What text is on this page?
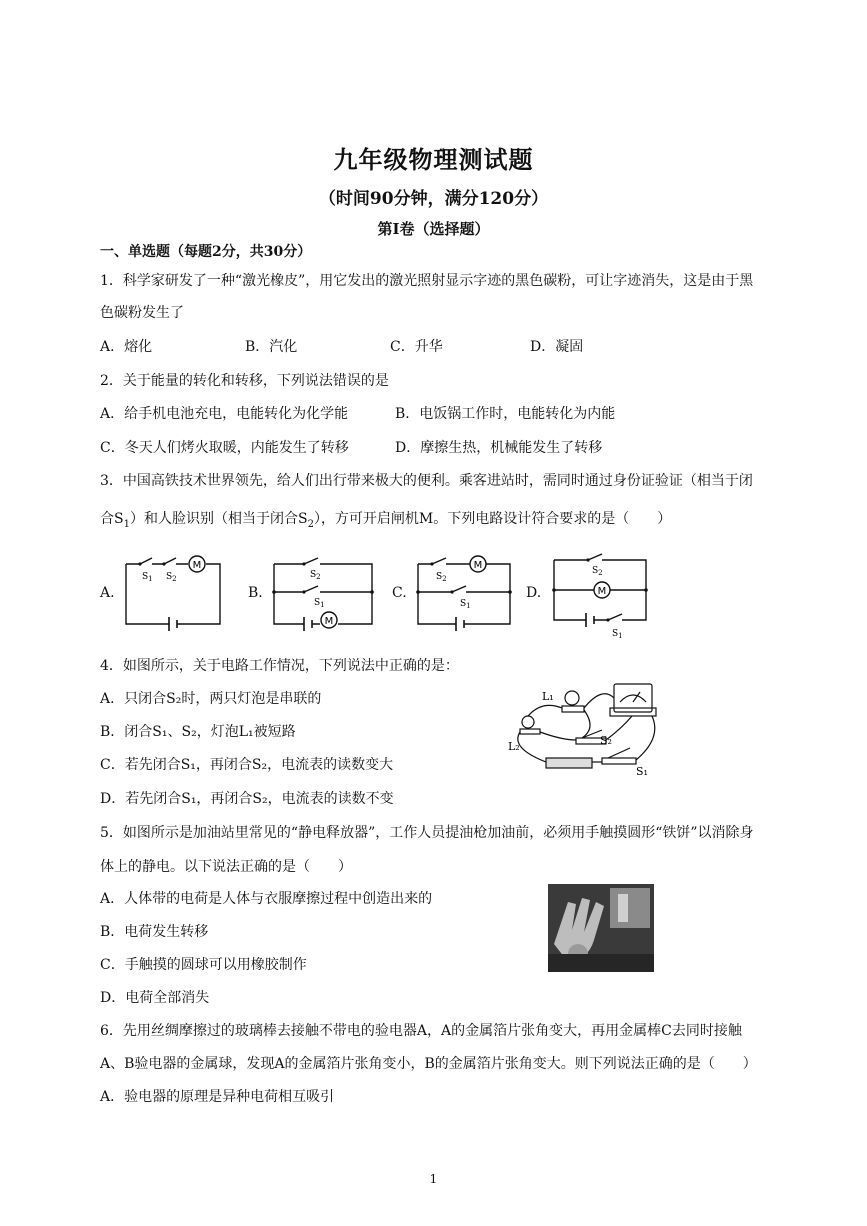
九年级物理测试题
（时间90分钟，满分120分）
第Ⅰ卷（选择题）
一、单选题（每题2分，共30分）
1．科学家研发了一种“激光橡皮”，用它发出的激光照射显示字迹的黑色碳粉，可让字迹消失，这是由于黑
色碳粉发生了
A．熔化	B．汽化	C．升华	D．凝固
2．关于能量的转化和转移，下列说法错误的是
A．给手机电池充电，电能转化为化学能	B．电饭锅工作时，电能转化为内能
C．冬天人们烤火取暖，内能发生了转移	D．摩擦生热，机械能发生了转移
3．中国高铁技术世界领先，给人们出行带来极大的便利。乘客进站时，需同时通过身份证验证（相当于闭
合$S_1$）和人脸识别（相当于闭合$S_2$），方可开启闸机M。下列电路设计符合要求的是（　　）
A.	B.	C.	D.
M
$S_1$ $S_2$
M
$S_2$
$S_1$
M
$S_2$
$S_1$
M
$S_2$
$S_1$
4．如图所示，关于电路工作情况，下列说法中正确的是：
A．只闭合S₂时，两只灯泡是串联的
B．闭合S₁、S₂，灯泡L₁被短路
C．若先闭合S₁，再闭合S₂，电流表的读数变大
D．若先闭合S₁，再闭合S₂，电流表的读数不变
L₁
L₂	S₂
S₁
5．如图所示是加油站里常见的“静电释放器”，工作人员提油枪加油前，必须用手触摸圆形“铁饼”以消除身
体上的静电。以下说法正确的是（　　）
A．人体带的电荷是人体与衣服摩擦过程中创造出来的
B．电荷发生转移
C．手触摸的圆球可以用橡胶制作
D．电荷全部消失
6．先用丝绸摩擦过的玻璃棒去接触不带电的验电器A，A的金属箔片张角变大，再用金属棒C去同时接触
A、B验电器的金属球，发现A的金属箔片张角变小，B的金属箔片张角变大。则下列说法正确的是（　　）
A．验电器的原理是异种电荷相互吸引
1
